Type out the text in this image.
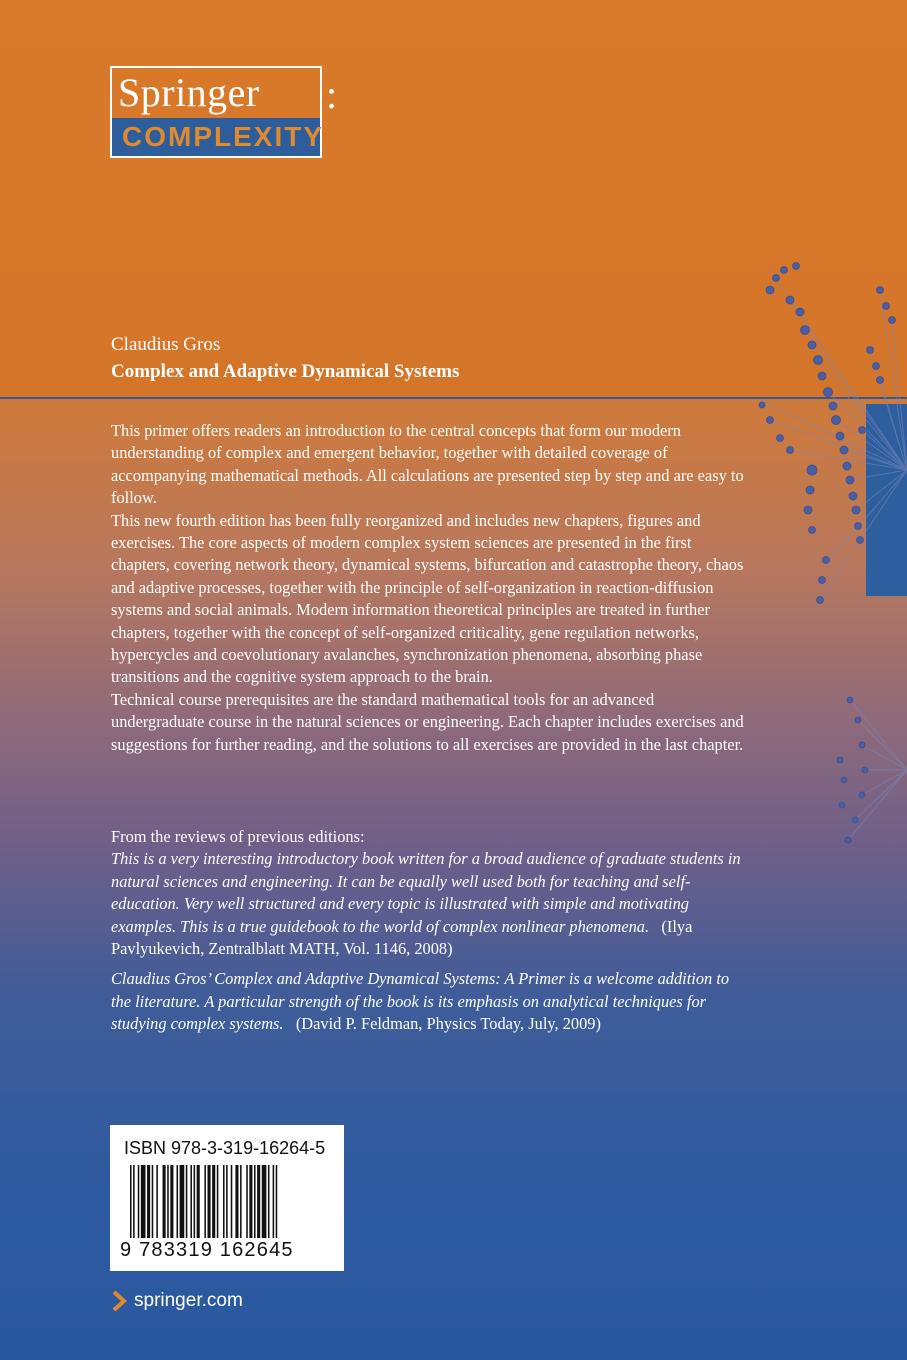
Springer :
COMPLEXITY
Claudius Gros
Complex and Adaptive Dynamical Systems

This primer offers readers an introduction to the central concepts that form our modern understanding of complex and emergent behavior, together with detailed coverage of accompanying mathematical methods. All calculations are presented step by step and are easy to follow.

This new fourth edition has been fully reorganized and includes new chapters, figures and exercises. The core aspects of modern complex system sciences are presented in the first chapters, covering network theory, dynamical systems, bifurcation and catastrophe theory, chaos and adaptive processes, together with the principle of self-organization in reaction-diffusion systems and social animals. Modern information theoretical principles are treated in further chapters, together with the concept of self-organized criticality, gene regulation networks, hypercycles and coevolutionary avalanches, synchronization phenomena, absorbing phase transitions and the cognitive system approach to the brain.

Technical course prerequisites are the standard mathematical tools for an advanced undergraduate course in the natural sciences or engineering. Each chapter includes exercises and suggestions for further reading, and the solutions to all exercises are provided in the last chapter.

From the reviews of previous editions:

This is a very interesting introductory book written for a broad audience of graduate students in natural sciences and engineering. It can be equally well used both for teaching and self-education. Very well structured and every topic is illustrated with simple and motivating examples. This is a true guidebook to the world of complex nonlinear phenomena. (Ilya Pavlyukevich, Zentralblatt MATH, Vol. 1146, 2008)

Claudius Gros’ Complex and Adaptive Dynamical Systems: A Primer is a welcome addition to the literature. A particular strength of the book is its emphasis on analytical techniques for studying complex systems. (David P. Feldman, Physics Today, July, 2009)

ISBN 978-3-319-16264-5
9 783319 162645
springer.com
